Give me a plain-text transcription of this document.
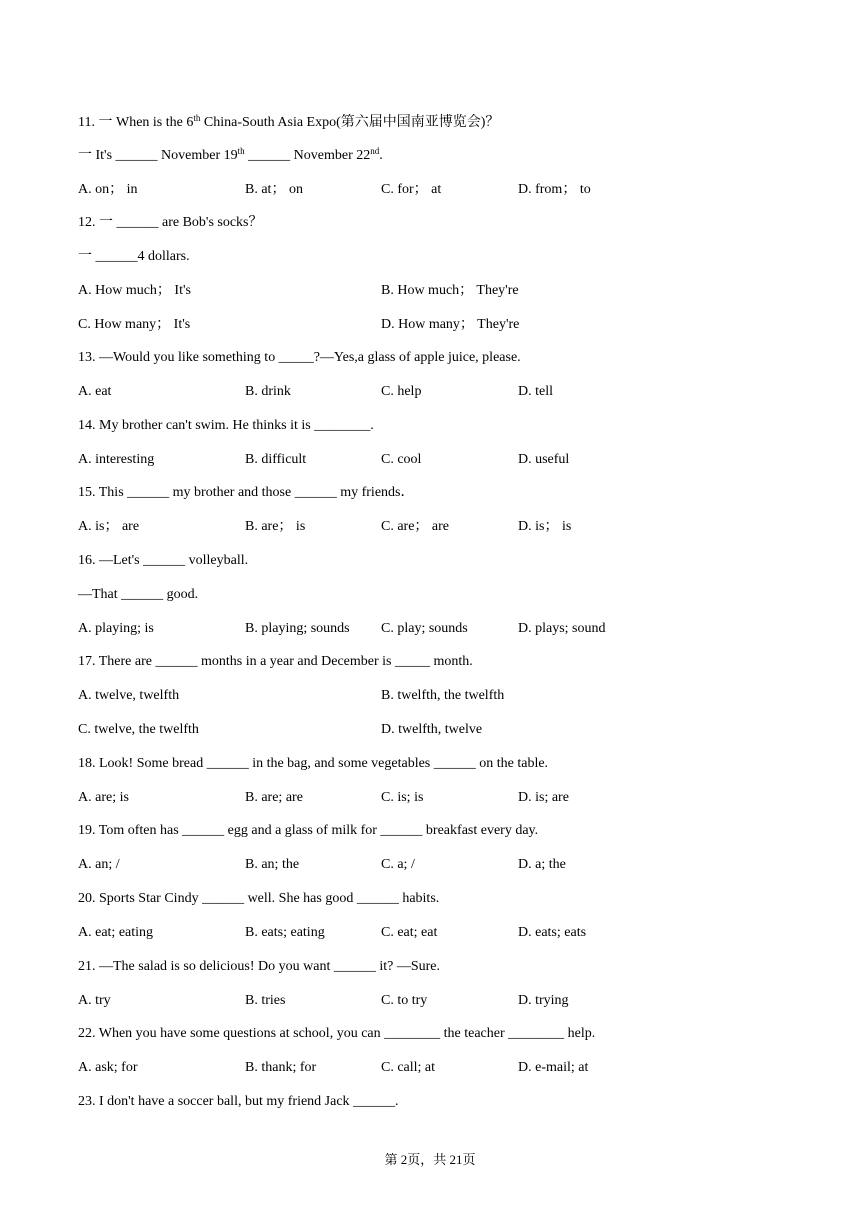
11. 一 When is the 6th China-South Asia Expo(第六届中国南亚博览会)？
一 It's ______ November 19th ______ November 22nd.
A. on； in	B. at； on	C. for； at	D. from； to
12. 一 ______ are Bob's socks？
一 ______4 dollars.
A. How much； It's	B. How much； They're
C. How many； It's	D. How many； They're
13. —Would you like something to _____?—Yes,a glass of apple juice, please.
A. eat	B. drink	C. help	D. tell
14. My brother can't swim. He thinks it is ________.
A. interesting	B. difficult	C. cool	D. useful
15. This ______ my brother and those ______ my friends．
A. is； are	B. are； is	C. are； are	D. is； is
16. —Let's ______ volleyball.
—That ______ good.
A. playing; is	B. playing; sounds C. play; sounds	D. plays; sound
17. There are ______ months in a year and December is _____ month.
A. twelve, twelfth	B. twelfth, the twelfth
C. twelve, the twelfth	D. twelfth, twelve
18. Look! Some bread ______ in the bag, and some vegetables ______ on the table.
A. are; is	B. are; are	C. is; is	D. is; are
19. Tom often has ______ egg and a glass of milk for ______ breakfast every day.
A. an; /	B. an; the	C. a; /	D. a; the
20. Sports Star Cindy ______ well. She has good ______ habits.
A. eat; eating	B. eats; eating	C. eat; eat	D. eats; eats
21. —The salad is so delicious! Do you want ______ it? —Sure.
A. try	B. tries	C. to try	D. trying
22. When you have some questions at school, you can ________ the teacher ________ help.
A. ask; for	B. thank; for	C. call; at	D. e-mail; at
23. I don't have a soccer ball, but my friend Jack ______.
第 2页，共 21页
